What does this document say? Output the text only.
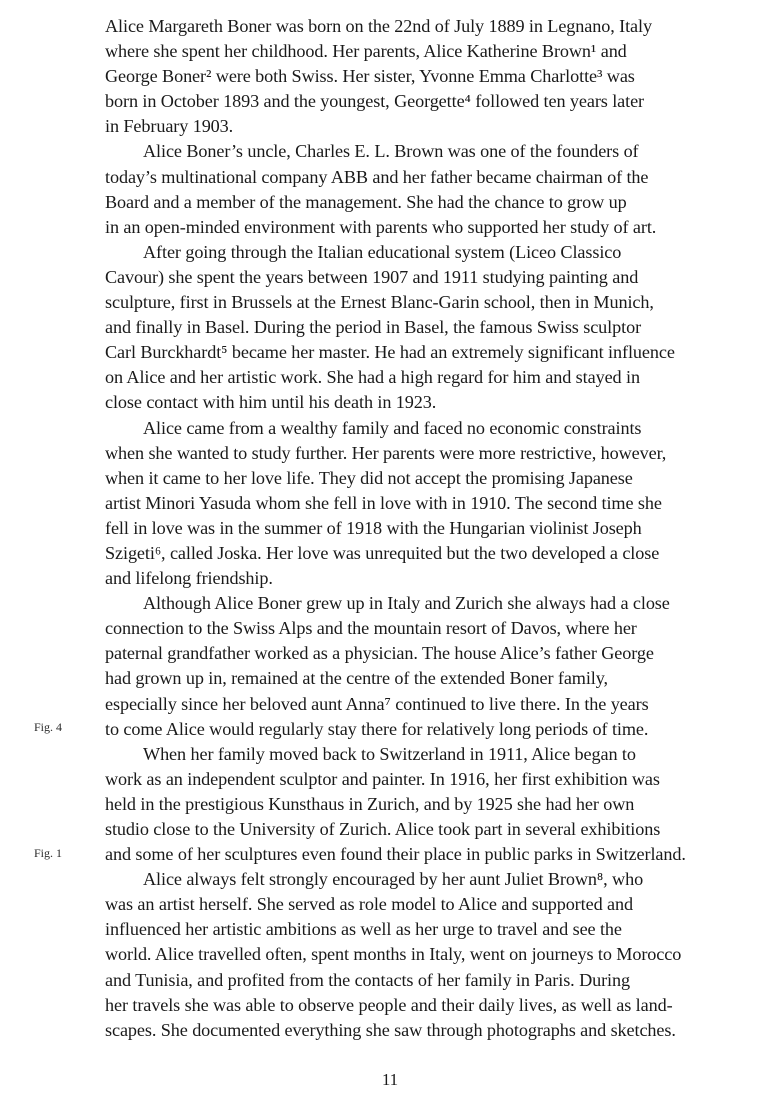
Alice Margareth Boner was born on the 22nd of July 1889 in Legnano, Italy
where she spent her childhood. Her parents, Alice Katherine Brown¹ and
George Boner² were both Swiss. Her sister, Yvonne Emma Charlotte³ was
born in October 1893 and the youngest, Georgette⁴ followed ten years later
in February 1903.
Alice Boner’s uncle, Charles E. L. Brown was one of the founders of
today’s multinational company ABB and her father became chairman of the
Board and a member of the management. She had the chance to grow up
in an open-minded environment with parents who supported her study of art.
After going through the Italian educational system (Liceo Classico
Cavour) she spent the years between 1907 and 1911 studying painting and
sculpture, first in Brussels at the Ernest Blanc-Garin school, then in Munich,
and finally in Basel. During the period in Basel, the famous Swiss sculptor
Carl Burckhardt⁵ became her master. He had an extremely significant influence
on Alice and her artistic work. She had a high regard for him and stayed in
close contact with him until his death in 1923.
Alice came from a wealthy family and faced no economic constraints
when she wanted to study further. Her parents were more restrictive, however,
when it came to her love life. They did not accept the promising Japanese
artist Minori Yasuda whom she fell in love with in 1910. The second time she
fell in love was in the summer of 1918 with the Hungarian violinist Joseph
Szigeti⁶, called Joska. Her love was unrequited but the two developed a close
and lifelong friendship.
Although Alice Boner grew up in Italy and Zurich she always had a close
connection to the Swiss Alps and the mountain resort of Davos, where her
paternal grandfather worked as a physician. The house Alice’s father George
had grown up in, remained at the centre of the extended Boner family,
especially since her beloved aunt Anna⁷ continued to live there. In the years
to come Alice would regularly stay there for relatively long periods of time.
When her family moved back to Switzerland in 1911, Alice began to
work as an independent sculptor and painter. In 1916, her first exhibition was
held in the prestigious Kunsthaus in Zurich, and by 1925 she had her own
studio close to the University of Zurich. Alice took part in several exhibitions
and some of her sculptures even found their place in public parks in Switzerland.
Alice always felt strongly encouraged by her aunt Juliet Brown⁸, who
was an artist herself. She served as role model to Alice and supported and
influenced her artistic ambitions as well as her urge to travel and see the
world. Alice travelled often, spent months in Italy, went on journeys to Morocco
and Tunisia, and profited from the contacts of her family in Paris. During
her travels she was able to observe people and their daily lives, as well as land-
scapes. She documented everything she saw through photographs and sketches.
Fig. 4
Fig. 1
11
